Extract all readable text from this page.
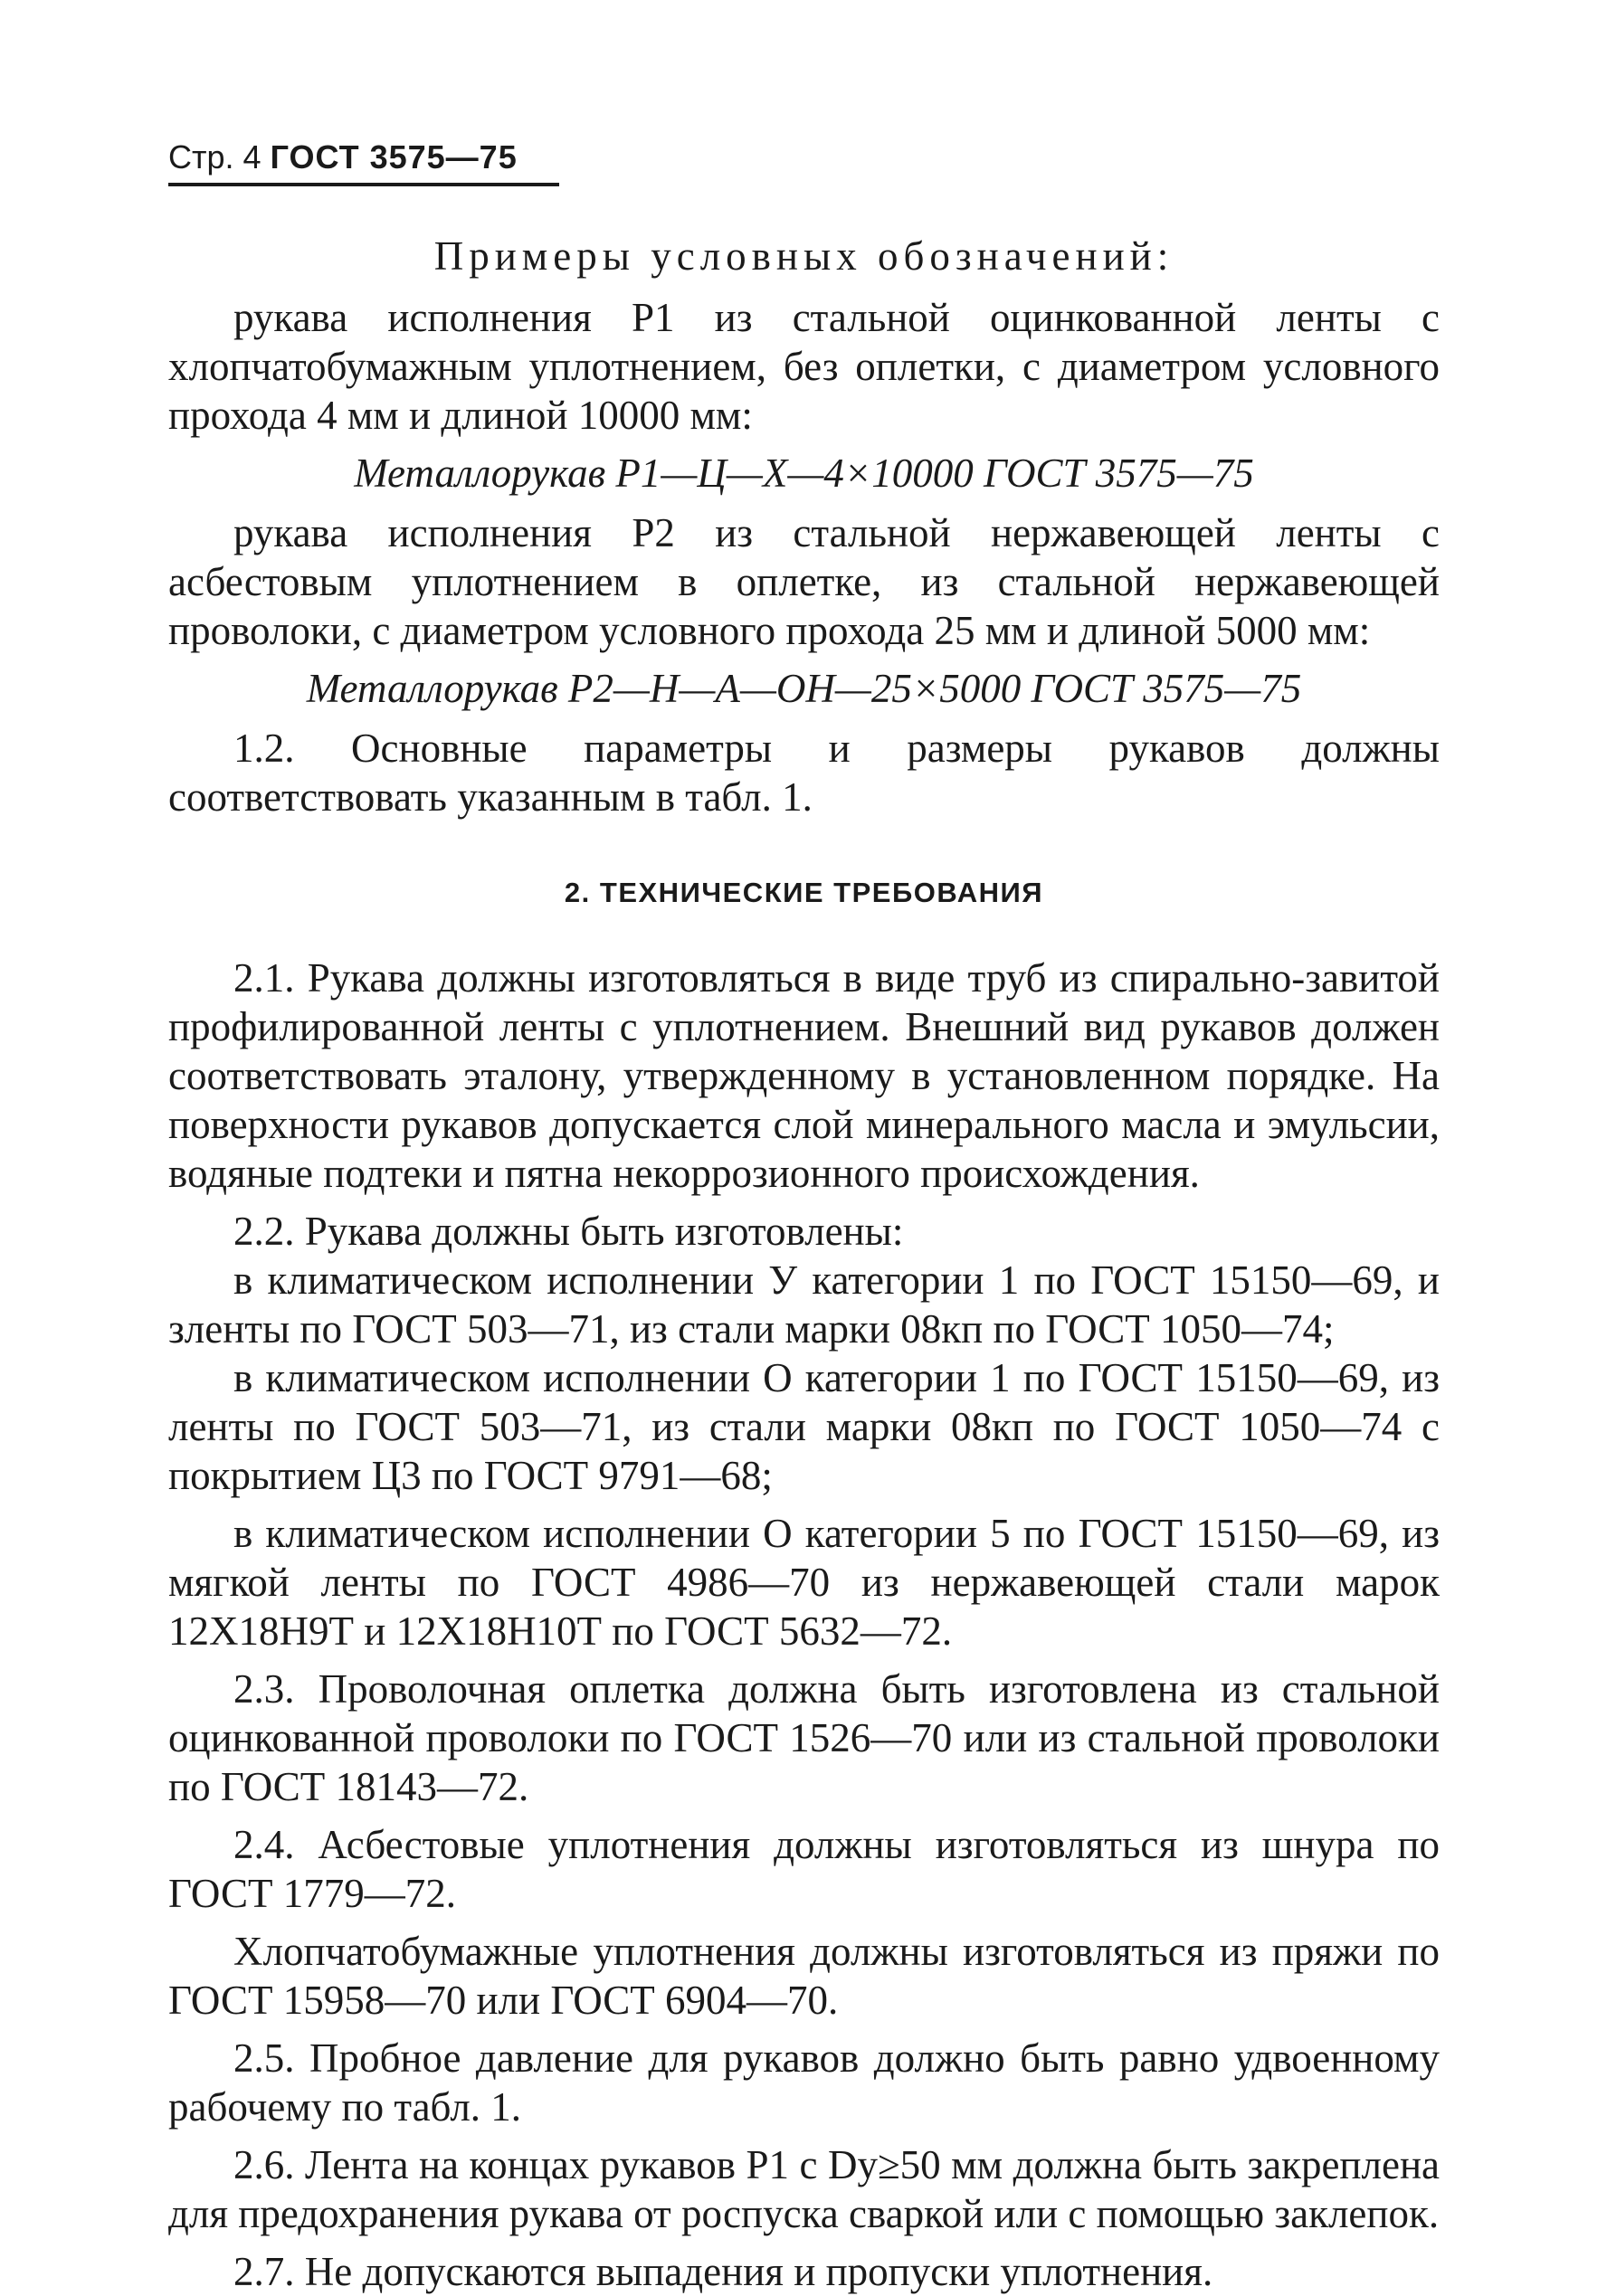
Стр. 4 ГОСТ 3575—75

Примеры условных обозначений:

рукава исполнения Р1 из стальной оцинкованной ленты с хлопчатобумажным уплотнением, без оплетки, с диаметром условного прохода 4 мм и длиной 10000 мм:

Металлорукав Р1—Ц—Х—4×10000 ГОСТ 3575—75

рукава исполнения Р2 из стальной нержавеющей ленты с асбестовым уплотнением в оплетке, из стальной нержавеющей проволоки, с диаметром условного прохода 25 мм и длиной 5000 мм:

Металлорукав Р2—Н—А—ОН—25×5000 ГОСТ 3575—75

1.2. Основные параметры и размеры рукавов должны соответствовать указанным в табл. 1.

2. ТЕХНИЧЕСКИЕ ТРЕБОВАНИЯ

2.1. Рукава должны изготовляться в виде труб из спирально-завитой профилированной ленты с уплотнением. Внешний вид рукавов должен соответствовать эталону, утвержденному в установленном порядке. На поверхности рукавов допускается слой минерального масла и эмульсии, водяные подтеки и пятна некоррозионного происхождения.

2.2. Рукава должны быть изготовлены:

в климатическом исполнении У категории 1 по ГОСТ 15150—69, и зленты по ГОСТ 503—71, из стали марки 08кп по ГОСТ 1050—74;

в климатическом исполнении О категории 1 по ГОСТ 15150—69, из ленты по ГОСТ 503—71, из стали марки 08кп по ГОСТ 1050—74 с покрытием Ц3 по ГОСТ 9791—68;

в климатическом исполнении О категории 5 по ГОСТ 15150—69, из мягкой ленты по ГОСТ 4986—70 из нержавеющей стали марок 12Х18Н9Т и 12Х18Н10Т по ГОСТ 5632—72.

2.3. Проволочная оплетка должна быть изготовлена из стальной оцинкованной проволоки по ГОСТ 1526—70 или из стальной проволоки по ГОСТ 18143—72.

2.4. Асбестовые уплотнения должны изготовляться из шнура по ГОСТ 1779—72.

Хлопчатобумажные уплотнения должны изготовляться из пряжи по ГОСТ 15958—70 или ГОСТ 6904—70.

2.5. Пробное давление для рукавов должно быть равно удвоенному рабочему по табл. 1.

2.6. Лента на концах рукавов Р1 с Dy≥50 мм должна быть закреплена для предохранения рукава от роспуска сваркой или с помощью заклепок.

2.7. Не допускаются выпадения и пропуски уплотнения.
